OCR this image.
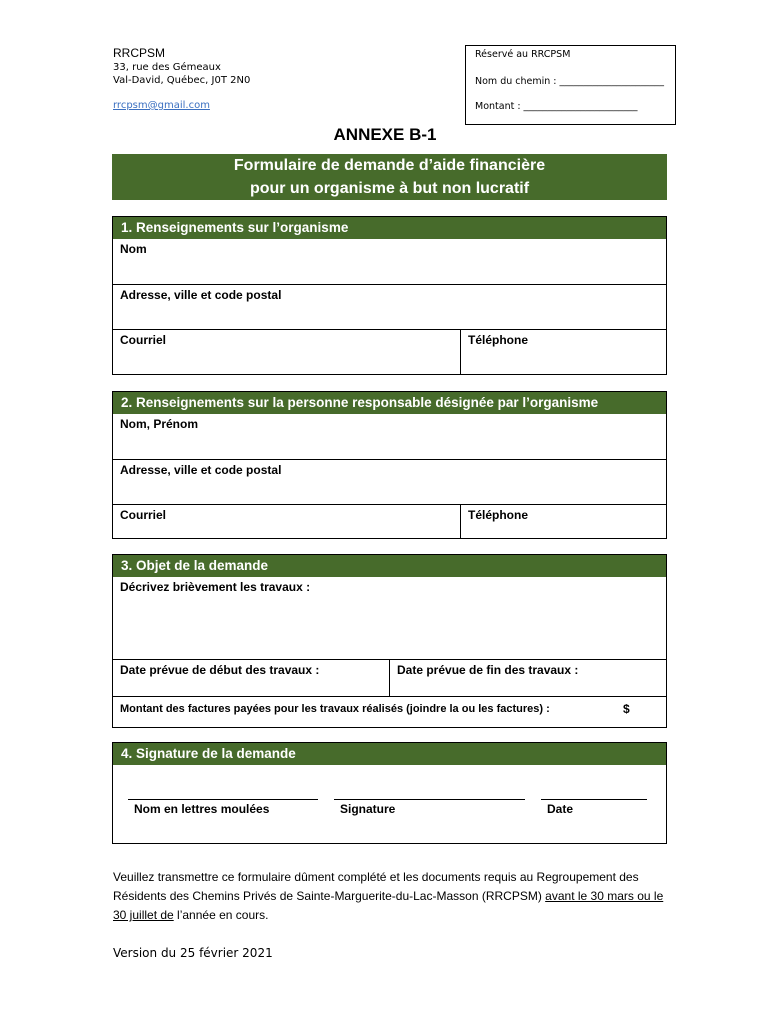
RRCPSM
33, rue des Gémeaux
Val-David, Québec, J0T 2N0
rrcpsm@gmail.com
Réservé au RRCPSM
Nom du chemin : ______________________
Montant : ________________________
ANNEXE B-1
Formulaire de demande d’aide financière
pour un organisme à but non lucratif
1. Renseignements sur l’organisme
Nom
Adresse, ville et code postal
Courriel	Téléphone
2. Renseignements sur la personne responsable désignée par l’organisme
Nom, Prénom
Adresse, ville et code postal
Courriel	Téléphone
3. Objet de la demande
Décrivez brièvement les travaux :
Date prévue de début des travaux :	Date prévue de fin des travaux :
Montant des factures payées pour les travaux réalisés (joindre la ou les factures) :	$
4. Signature de la demande
Nom en lettres moulées	Signature	Date
Veuillez transmettre ce formulaire dûment complété et les documents requis au Regroupement des Résidents des Chemins Privés de Sainte-Marguerite-du-Lac-Masson (RRCPSM) avant le 30 mars ou le 30 juillet de l’année en cours.
Version du 25 février 2021
